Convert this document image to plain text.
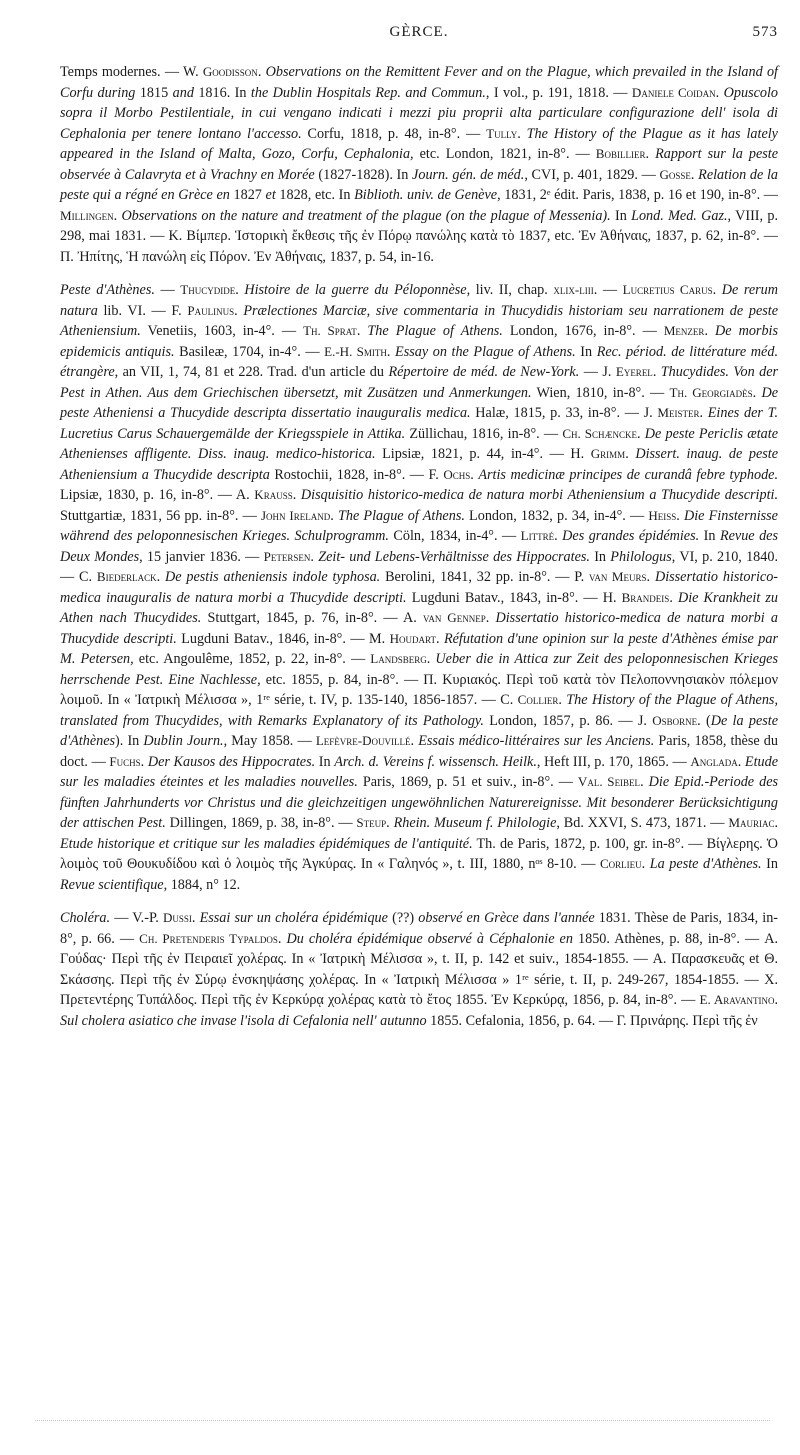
GÈRCE.	573

Temps modernes. — W. Goodisson. Observations on the Remittent Fever and on the Plague, which prevailed in the Island of Corfu during 1815 and 1816. In the Dublin Hospitals Rep. and Commun., I vol., p. 191, 1818. — Daniele Coidan. Opuscolo sopra il Morbo Pestilentiale, in cui vengano indicati i mezzi piu proprii alta particulare configurazione dell' isola di Cephalonia per tenere lontano l'accesso. Corfu, 1818, p. 48, in-8°. — Tully. The History of the Plague as it has lately appeared in the Island of Malta, Gozo, Corfu, Cephalonia, etc. London, 1821, in-8°. — Bobillier. Rapport sur la peste observée à Calavryta et à Vrachny en Morée (1827-1828). In Journ. gén. de méd., CVI, p. 401, 1829. — Gosse. Relation de la peste qui a régné en Grèce en 1827 et 1828, etc. In Biblioth. univ. de Genève, 1831, 2ᵉ édit. Paris, 1838, p. 16 et 190, in-8°. — Millingen. Observations on the nature and treatment of the plague (on the plague of Messenia). In Lond. Med. Gaz., VIII, p. 298, mai 1831. — K. Βίμπερ. Ἱστορικὴ ἔκθεσις τῆς ἐν Πόρῳ πανώλης κατὰ τὸ 1837, etc. Ἐν Ἀθήναις, 1837, p. 62, in-8°. — Π. Ἠπίτης, Ἡ πανώλη εἰς Πόρον. Ἐν Ἀθήναις, 1837, p. 54, in-16.

Peste d'Athènes. — Thucydide. Histoire de la guerre du Péloponnèse, liv. II, chap. xlix-liii. — Lucretius Carus. De rerum natura lib. VI. — F. Paulinus. Prælectiones Marciæ, sive commentaria in Thucydidis historiam seu narrationem de peste Atheniensium. Venetiis, 1603, in-4°. — Th. Sprat. The Plague of Athens. London, 1676, in-8°. — Menzer. De morbis epidemicis antiquis. Basileæ, 1704, in-4°. — E.-H. Smith. Essay on the Plague of Athens. In Rec. périod. de littérature méd. étrangère, an VII, 1, 74, 81 et 228. Trad. d'un article du Répertoire de méd. de New-York. — J. Eyerel. Thucydides. Von der Pest in Athen. Aus dem Griechischen übersetzt, mit Zusätzen und Anmerkungen. Wien, 1810, in-8°. — Th. Georgiadès. De peste Atheniensi a Thucydide descripta dissertatio inauguralis medica. Halæ, 1815, p. 33, in-8°. — J. Meister. Eines der T. Lucretius Carus Schauergemälde der Kriegsspiele in Attika. Züllichau, 1816, in-8°. — Ch. Schæncke. De peste Periclis ætate Athenienses affligente. Diss. inaug. medico-historica. Lipsiæ, 1821, p. 44, in-4°. — H. Grimm. Dissert. inaug. de peste Atheniensium a Thucydide descripta Rostochii, 1828, in-8°. — F. Ochs. Artis medicinæ principes de curandâ febre typhode. Lipsiæ, 1830, p. 16, in-8°. — A. Krauss. Disquisitio historico-medica de natura morbi Atheniensium a Thucydide descripti. Stuttgartiæ, 1831, 56 pp. in-8°. — John Ireland. The Plague of Athens. London, 1832, p. 34, in-4°. — Heiss. Die Finsternisse während des peloponnesischen Krieges. Schulprogramm. Cöln, 1834, in-4°. — Littré. Des grandes épidémies. In Revue des Deux Mondes, 15 janvier 1836. — Petersen. Zeit- und Lebens-Verhältnisse des Hippocrates. In Philologus, VI, p. 210, 1840. — C. Biederlack. De pestis atheniensis indole typhosa. Berolini, 1841, 32 pp. in-8°. — P. van Meurs. Dissertatio historico-medica inauguralis de natura morbi a Thucydide descripti. Lugduni Batav., 1843, in-8°. — H. Brandeis. Die Krankheit zu Athen nach Thucydides. Stuttgart, 1845, p. 76, in-8°. — A. van Gennep. Dissertatio historico-medica de natura morbi a Thucydide descripti. Lugduni Batav., 1846, in-8°. — M. Houdart. Réfutation d'une opinion sur la peste d'Athènes émise par M. Petersen, etc. Angoulême, 1852, p. 22, in-8°. — Landsberg. Ueber die in Attica zur Zeit des peloponnesischen Krieges herrschende Pest. Eine Nachlesse, etc. 1855, p. 84, in-8°. — Π. Κυριακός. Περὶ τοῦ κατὰ τὸν Πελοποννησιακὸν πόλεμον λοιμοῦ. In « Ἰατρικὴ Μέλισσα », 1ʳᵉ série, t. IV, p. 135-140, 1856-1857. — C. Collier. The History of the Plague of Athens, translated from Thucydides, with Remarks Explanatory of its Pathology. London, 1857, p. 86. — J. Osborne. (De la peste d'Athènes). In Dublin Journ., May 1858. — Lefèvre-Douvillé. Essais médico-littéraires sur les Anciens. Paris, 1858, thèse du doct. — Fuchs. Der Kausos des Hippocrates. In Arch. d. Vereins f. wissensch. Heilk., Heft III, p. 170, 1865. — Anglada. Etude sur les maladies éteintes et les maladies nouvelles. Paris, 1869, p. 51 et suiv., in-8°. — Val. Seibel. Die Epid.-Periode des fünften Jahrhunderts vor Christus und die gleichzeitigen ungewöhnlichen Naturereignisse. Mit besonderer Berücksichtigung der attischen Pest. Dillingen, 1869, p. 38, in-8°. — Steup. Rhein. Museum f. Philologie, Bd. XXVI, S. 473, 1871. — Mauriac. Etude historique et critique sur les maladies épidémiques de l'antiquité. Th. de Paris, 1872, p. 100, gr. in-8°. — Βίγλερης. Ὁ λοιμὸς τοῦ Θουκυδίδου καὶ ὁ λοιμὸς τῆς Ἀγκύρας. In « Γαληνός », t. III, 1880, nᵒˢ 8-10. — Corlieu. La peste d'Athènes. In Revue scientifique, 1884, n° 12.

Choléra. — V.-P. Dussi. Essai sur un choléra épidémique (??) observé en Grèce dans l'année 1831. Thèse de Paris, 1834, in-8°, p. 66. — Ch. Pretenderis Typaldos. Du choléra épidémique observé à Céphalonie en 1850. Athènes, p. 88, in-8°. — Α. Γούδας· Περὶ τῆς ἐν Πειραιεῖ χολέρας. In « Ἰατρικὴ Μέλισσα », t. II, p. 142 et suiv., 1854-1855. — Α. Παρασκευᾶς et Θ. Σκάσσης. Περὶ τῆς ἐν Σύρῳ ἐνσκηψάσης χολέρας. In « Ἰατρικὴ Μέλισσα » 1ʳᵉ série, t. II, p. 249-267, 1854-1855. — Χ. Πρετεντέρης Τυπάλδος. Περὶ τῆς ἐν Κερκύρᾳ χολέρας κατὰ τὸ ἔτος 1855. Ἐν Κερκύρᾳ, 1856, p. 84, in-8°. — E. Aravantino. Sul cholera asiatico che invase l'isola di Cefalonia nell' autunno 1855. Cefalonia, 1856, p. 64. — Γ. Πρινάρης. Περὶ τῆς ἐν
